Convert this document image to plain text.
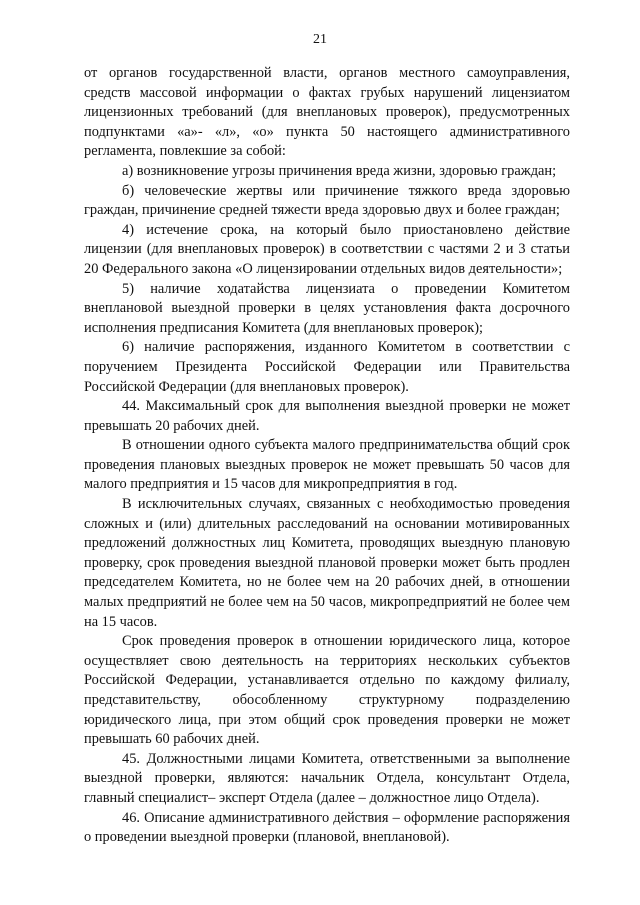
21

от органов государственной власти, органов местного самоуправления, средств массовой информации о фактах грубых нарушений лицензиатом лицензионных требований (для внеплановых проверок), предусмотренных подпунктами «а»- «л», «о» пункта 50 настоящего административного регламента, повлекшие за собой:

а) возникновение угрозы причинения вреда жизни, здоровью граждан;

б) человеческие жертвы или причинение тяжкого вреда здоровью граждан, причинение средней тяжести вреда здоровью двух и более граждан;

4) истечение срока, на который было приостановлено действие лицензии (для внеплановых проверок) в соответствии с частями 2 и 3 статьи 20 Федерального закона «О лицензировании отдельных видов деятельности»;

5) наличие ходатайства лицензиата о проведении Комитетом внеплановой выездной проверки в целях установления факта досрочного исполнения предписания Комитета (для внеплановых проверок);

6) наличие распоряжения, изданного Комитетом в соответствии с поручением Президента Российской Федерации или Правительства Российской Федерации (для внеплановых проверок).

44. Максимальный срок для выполнения выездной проверки не может превышать 20 рабочих дней.

В отношении одного субъекта малого предпринимательства общий срок проведения плановых выездных проверок не может превышать 50 часов для малого предприятия и 15 часов для микропредприятия в год.

В исключительных случаях, связанных с необходимостью проведения сложных и (или) длительных расследований на основании мотивированных предложений должностных лиц Комитета, проводящих выездную плановую проверку, срок проведения выездной плановой проверки может быть продлен председателем Комитета, но не более чем на 20 рабочих дней, в отношении малых предприятий не более чем на 50 часов, микропредприятий не более чем на 15 часов.

Срок проведения проверок в отношении юридического лица, которое осуществляет свою деятельность на территориях нескольких субъектов Российской Федерации, устанавливается отдельно по каждому филиалу, представительству, обособленному структурному подразделению юридического лица, при этом общий срок проведения проверки не может превышать 60 рабочих дней.

45. Должностными лицами Комитета, ответственными за выполнение выездной проверки, являются: начальник Отдела, консультант Отдела, главный специалист– эксперт Отдела (далее – должностное лицо Отдела).

46. Описание административного действия – оформление распоряжения о проведении выездной проверки (плановой, внеплановой).
